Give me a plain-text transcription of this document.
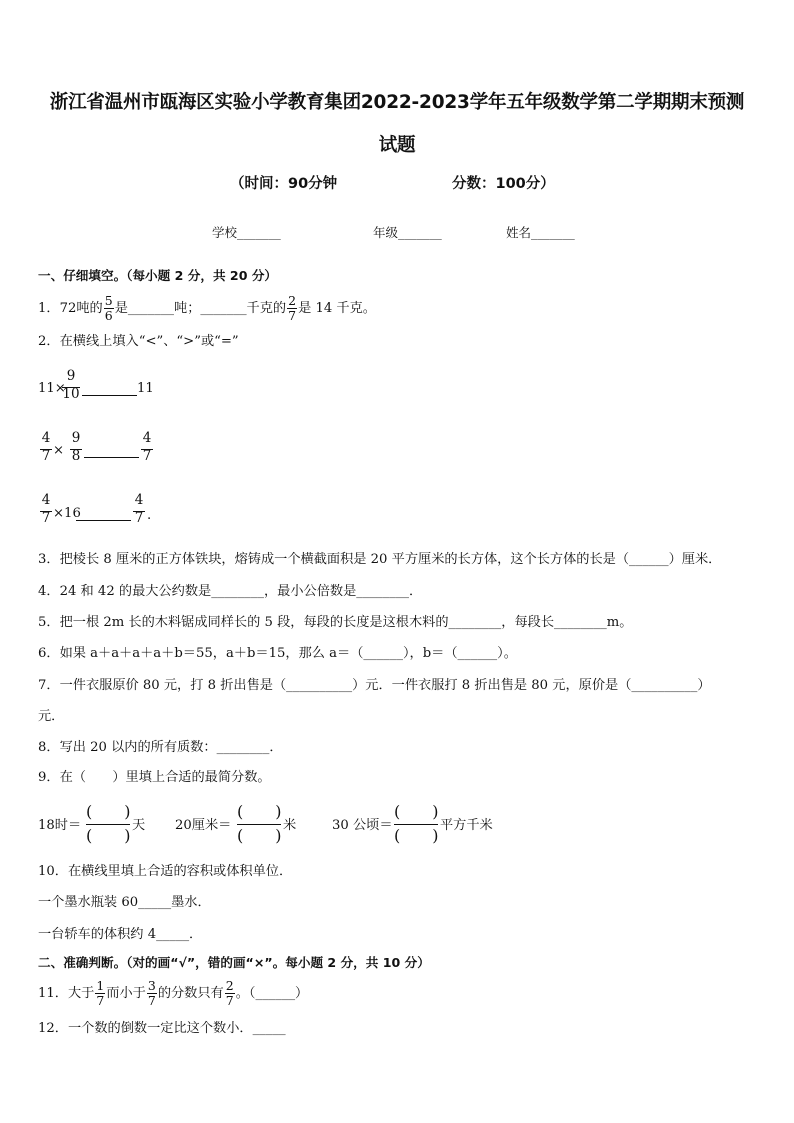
浙江省温州市瓯海区实验小学教育集团2022-2023学年五年级数学第二学期期末预测
试题
（时间：90分钟	分数：100分）
学校_______	年级_______	姓名_______
一、仔细填空。（每小题 2 分，共 20 分）
1．72吨的 $\frac{5}{6}$ 是_______吨；_______千克的 $\frac{2}{7}$ 是 14 千克。
2．在横线上填入“<”、“>”或“=”
11×
9
10	11
4
7 ×
9
8
4
7
4
7 ×16
4
7 .
3．把棱长 8 厘米的正方体铁块，熔铸成一个横截面积是 20 平方厘米的长方体，这个长方体的长是（______）厘米．
4．24 和 42 的最大公约数是________，最小公倍数是________．
5．把一根 2m 长的木料锯成同样长的 5 段，每段的长度是这根木料的________，每段长________m。
6．如果 a＋a＋a＋a＋b＝55，a＋b＝15，那么 a＝（______），b＝（______）。
7．一件衣服原价 80 元，打 8 折出售是（__________）元．一件衣服打 8 折出售是 80 元，原价是（__________）
元．
8．写出 20 以内的所有质数：________．
9．在（　　）里填上合适的最简分数。
18时＝
(　　)
(　　)
天 20厘米＝
(　　)
(　　)
米	30 公顷＝
(　　)
(　　)
平方千米
10．在横线里填上合适的容积或体积单位．
一个墨水瓶装 60_____墨水．
一台轿车的体积约 4_____．
二、准确判断。（对的画“√”，错的画“×”。每小题 2 分，共 10 分）
11．大于 $\frac{1}{7}$ 而小于 $\frac{3}{7}$ 的分数只有 $\frac{2}{7}$ 。（______）
12．一个数的倒数一定比这个数小．_____
